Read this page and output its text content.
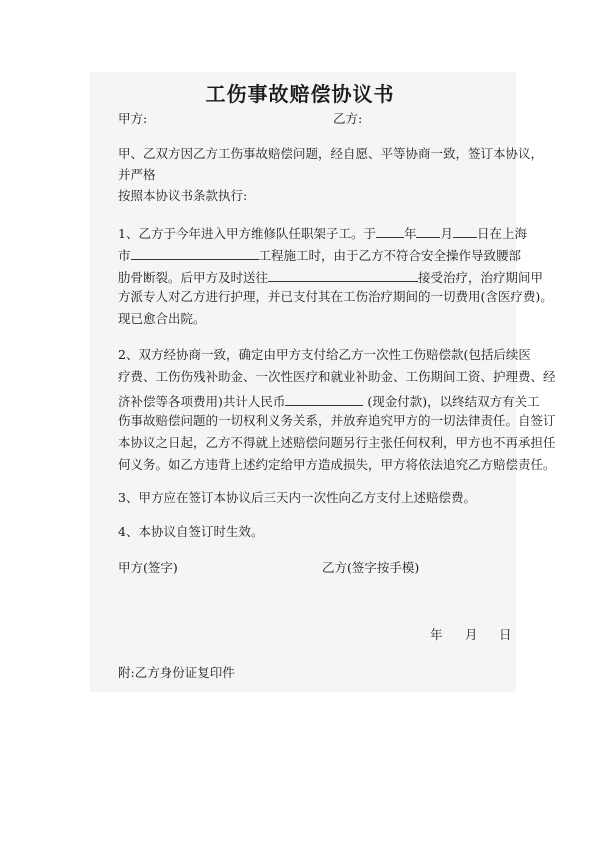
工伤事故赔偿协议书
甲方:	乙方:
甲、乙双方因乙方工伤事故赔偿问题，经自愿、平等协商一致，签订本协议，
并严格
按照本协议书条款执行:
1、乙方于今年进入甲方维修队任职架子工。于 年 月 日在上海
市	工程施工时，由于乙方不符合安全操作导致腰部
肋骨断裂。后甲方及时送往	接受治疗，治疗期间甲
方派专人对乙方进行护理，并已支付其在工伤治疗期间的一切费用(含医疗费)。
现已愈合出院。
2、双方经协商一致，确定由甲方支付给乙方一次性工伤赔偿款(包括后续医
疗费、工伤伤残补助金、一次性医疗和就业补助金、工伤期间工资、护理费、经
济补偿等各项费用)共计人民币	(现金付款)，以终结双方有关工
伤事故赔偿问题的一切权利义务关系，并放弃追究甲方的一切法律责任。自签订
本协议之日起，乙方不得就上述赔偿问题另行主张任何权利，甲方也不再承担任
何义务。如乙方违背上述约定给甲方造成损失，甲方将依法追究乙方赔偿责任。
3、甲方应在签订本协议后三天内一次性向乙方支付上述赔偿费。
4、本协议自签订时生效。
甲方(签字)	乙方(签字按手模)
年 月 日
附:乙方身份证复印件
